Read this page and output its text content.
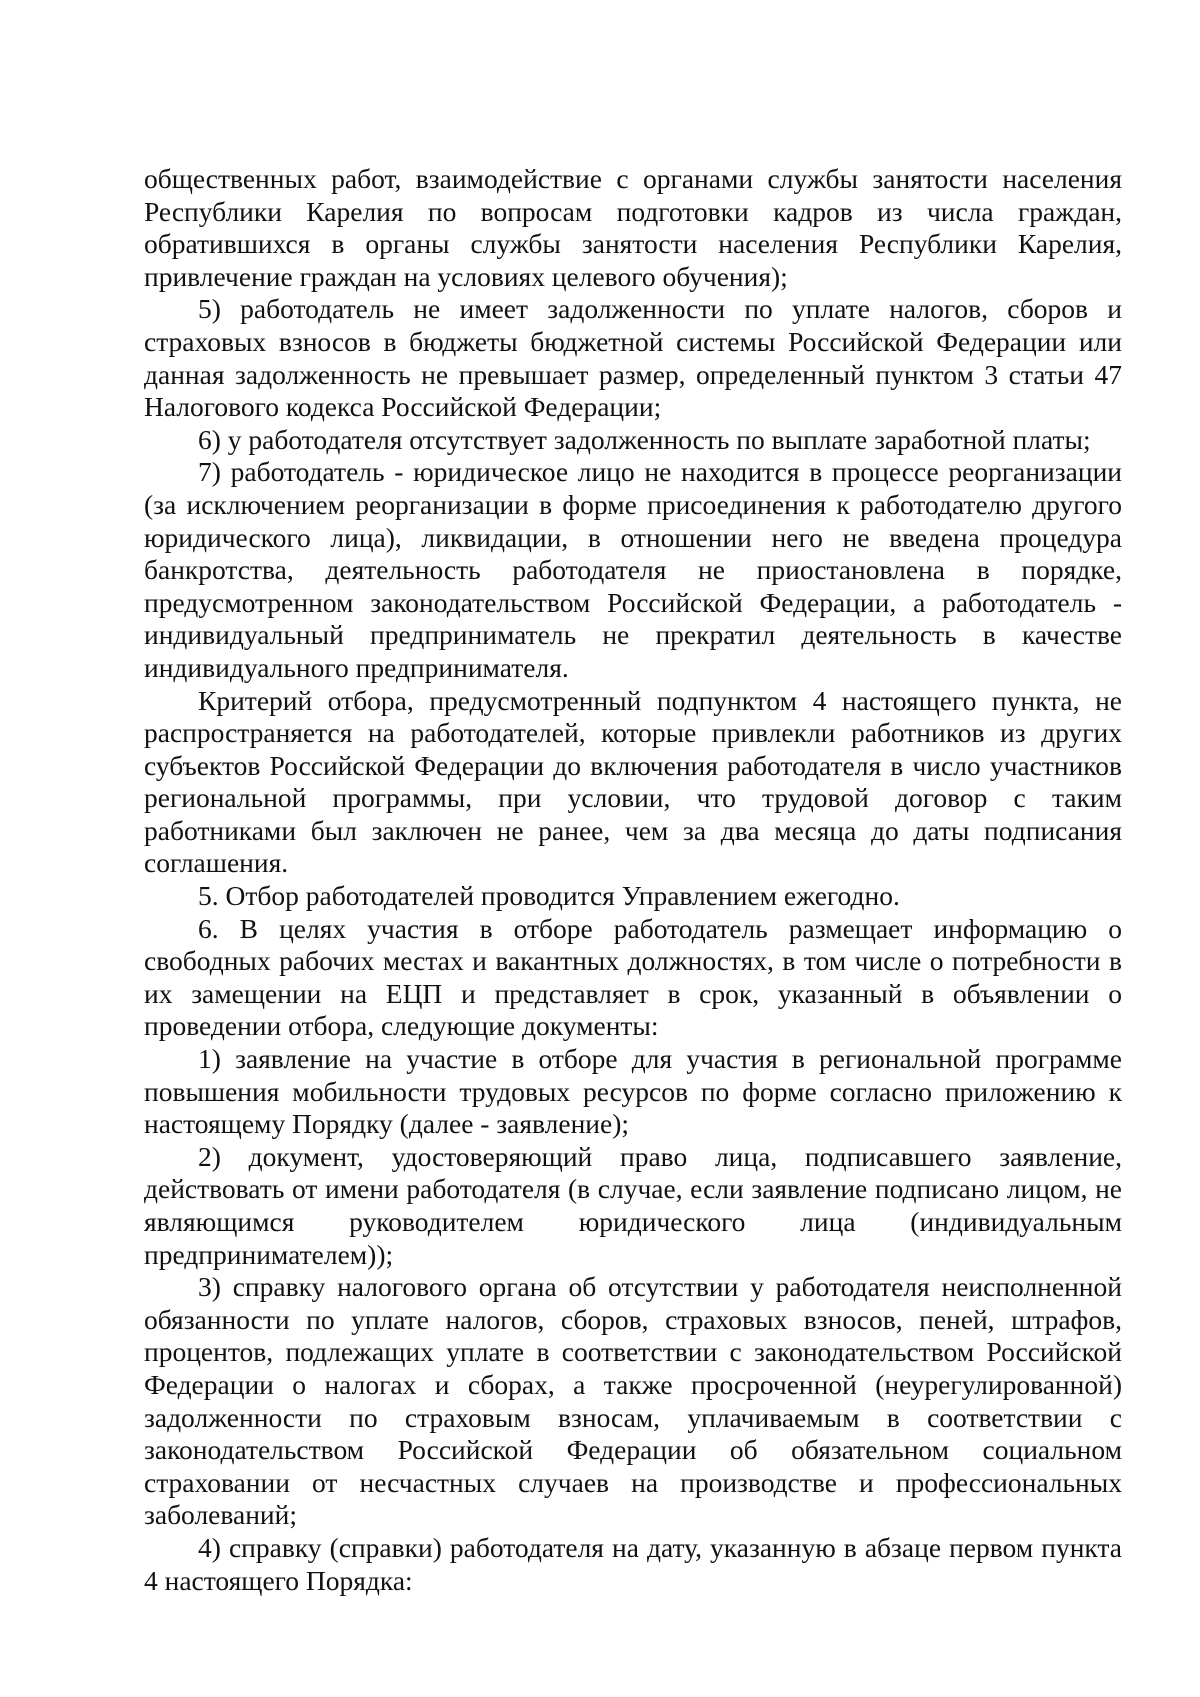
общественных работ, взаимодействие с органами службы занятости населения Республики Карелия по вопросам подготовки кадров из числа граждан, обратившихся в органы службы занятости населения Республики Карелия, привлечение граждан на условиях целевого обучения);

5) работодатель не имеет задолженности по уплате налогов, сборов и страховых взносов в бюджеты бюджетной системы Российской Федерации или данная задолженность не превышает размер, определенный пунктом 3 статьи 47 Налогового кодекса Российской Федерации;

6) у работодателя отсутствует задолженность по выплате заработной платы;

7) работодатель - юридическое лицо не находится в процессе реорганизации (за исключением реорганизации в форме присоединения к работодателю другого юридического лица), ликвидации, в отношении него не введена процедура банкротства, деятельность работодателя не приостановлена в порядке, предусмотренном законодательством Российской Федерации, а работодатель - индивидуальный предприниматель не прекратил деятельность в качестве индивидуального предпринимателя.

Критерий отбора, предусмотренный подпунктом 4 настоящего пункта, не распространяется на работодателей, которые привлекли работников из других субъектов Российской Федерации до включения работодателя в число участников региональной программы, при условии, что трудовой договор с таким работниками был заключен не ранее, чем за два месяца до даты подписания соглашения.

5. Отбор работодателей проводится Управлением ежегодно.

6. В целях участия в отборе работодатель размещает информацию о свободных рабочих местах и вакантных должностях, в том числе о потребности в их замещении на ЕЦП и представляет в срок, указанный в объявлении о проведении отбора, следующие документы:

1) заявление на участие в отборе для участия в региональной программе повышения мобильности трудовых ресурсов по форме согласно приложению к настоящему Порядку (далее - заявление);

2) документ, удостоверяющий право лица, подписавшего заявление, действовать от имени работодателя (в случае, если заявление подписано лицом, не являющимся руководителем юридического лица (индивидуальным предпринимателем));

3) справку налогового органа об отсутствии у работодателя неисполненной обязанности по уплате налогов, сборов, страховых взносов, пеней, штрафов, процентов, подлежащих уплате в соответствии с законодательством Российской Федерации о налогах и сборах, а также просроченной (неурегулированной) задолженности по страховым взносам, уплачиваемым в соответствии с законодательством Российской Федерации об обязательном социальном страховании от несчастных случаев на производстве и профессиональных заболеваний;

4) справку (справки) работодателя на дату, указанную в абзаце первом пункта 4 настоящего Порядка:
